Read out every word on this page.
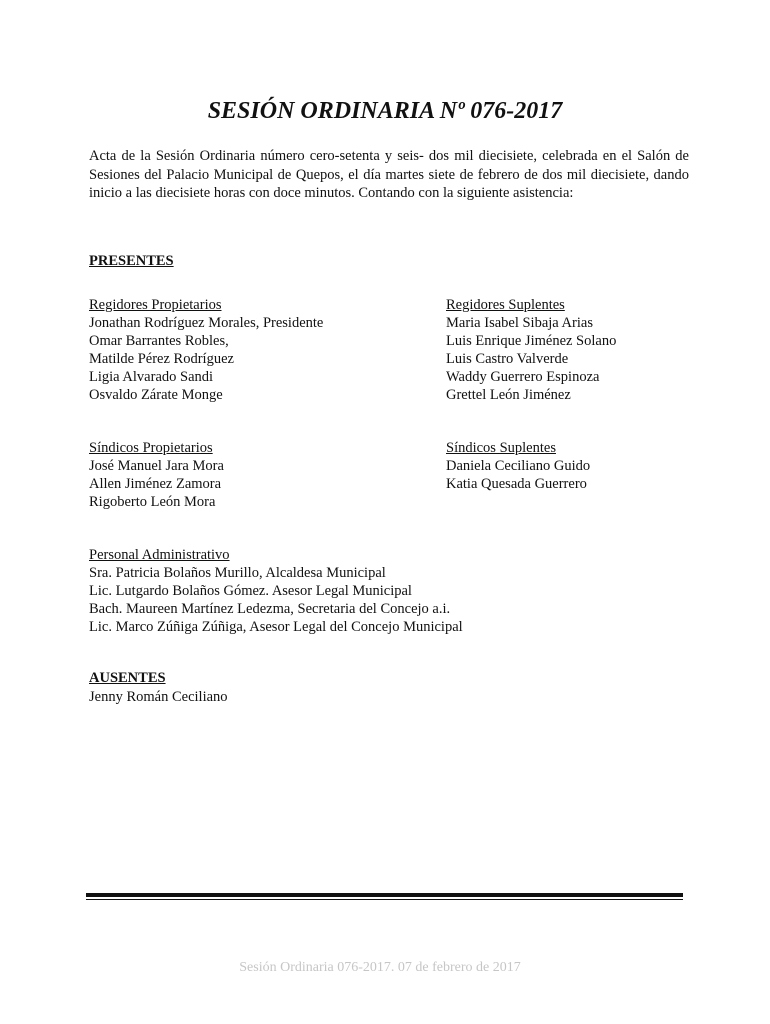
SESIÓN ORDINARIA Nº 076-2017

Acta de la Sesión Ordinaria número cero-setenta y seis- dos mil diecisiete, celebrada en el Salón de Sesiones del Palacio Municipal de Quepos, el día martes siete de febrero de dos mil diecisiete, dando inicio a las diecisiete horas con doce minutos. Contando con la siguiente asistencia:

PRESENTES

Regidores Propietarios
Jonathan Rodríguez Morales, Presidente
Omar Barrantes Robles,
Matilde Pérez Rodríguez
Ligia Alvarado Sandi
Osvaldo Zárate Monge
Regidores Suplentes
Maria Isabel Sibaja Arias
Luis Enrique Jiménez Solano
Luis Castro Valverde
Waddy Guerrero Espinoza
Grettel León Jiménez
Síndicos Propietarios
José Manuel Jara Mora
Allen Jiménez Zamora
Rigoberto León Mora
Síndicos Suplentes
Daniela Ceciliano Guido
Katia Quesada Guerrero
Personal Administrativo
Sra. Patricia Bolaños Murillo, Alcaldesa Municipal
Lic. Lutgardo Bolaños Gómez. Asesor Legal Municipal
Bach. Maureen Martínez Ledezma, Secretaria del Concejo a.i.
Lic. Marco Zúñiga Zúñiga, Asesor Legal del Concejo Municipal

AUSENTES

Jenny Román Ceciliano
Sesión Ordinaria 076-2017. 07 de febrero de 2017
